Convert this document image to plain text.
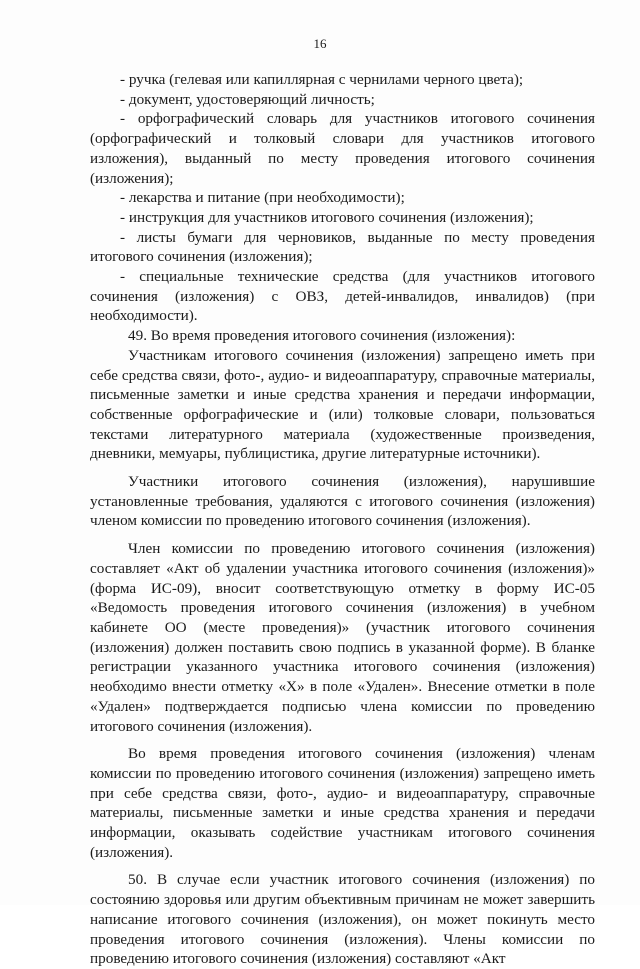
16

- ручка (гелевая или капиллярная с чернилами черного цвета);

- документ, удостоверяющий личность;

- орфографический словарь для участников итогового сочинения (орфографический и толковый словари для участников итогового изложения), выданный по месту проведения итогового сочинения (изложения);

- лекарства и питание (при необходимости);

- инструкция для участников итогового сочинения (изложения);

- листы бумаги для черновиков, выданные по месту проведения итогового сочинения (изложения);

- специальные технические средства (для участников итогового сочинения (изложения) с ОВЗ, детей-инвалидов, инвалидов) (при необходимости).

49. Во время проведения итогового сочинения (изложения):

Участникам итогового сочинения (изложения) запрещено иметь при себе средства связи, фото-, аудио- и видеоаппаратуру, справочные материалы, письменные заметки и иные средства хранения и передачи информации, собственные орфографические и (или) толковые словари, пользоваться текстами литературного материала (художественные произведения, дневники, мемуары, публицистика, другие литературные источники).

Участники итогового сочинения (изложения), нарушившие установленные требования, удаляются с итогового сочинения (изложения) членом комиссии по проведению итогового сочинения (изложения).

Член комиссии по проведению итогового сочинения (изложения) составляет «Акт об удалении участника итогового сочинения (изложения)» (форма ИС-09), вносит соответствующую отметку в форму ИС-05 «Ведомость проведения итогового сочинения (изложения) в учебном кабинете ОО (месте проведения)» (участник итогового сочинения (изложения) должен поставить свою подпись в указанной форме). В бланке регистрации указанного участника итогового сочинения (изложения) необходимо внести отметку «Х» в поле «Удален». Внесение отметки в поле «Удален» подтверждается подписью члена комиссии по проведению итогового сочинения (изложения).

Во время проведения итогового сочинения (изложения) членам комиссии по проведению итогового сочинения (изложения) запрещено иметь при себе средства связи, фото-, аудио- и видеоаппаратуру, справочные материалы, письменные заметки и иные средства хранения и передачи информации, оказывать содействие участникам итогового сочинения (изложения).

50. В случае если участник итогового сочинения (изложения) по состоянию здоровья или другим объективным причинам не может завершить написание итогового сочинения (изложения), он может покинуть место проведения итогового сочинения (изложения). Члены комиссии по проведению итогового сочинения (изложения) составляют «Акт
